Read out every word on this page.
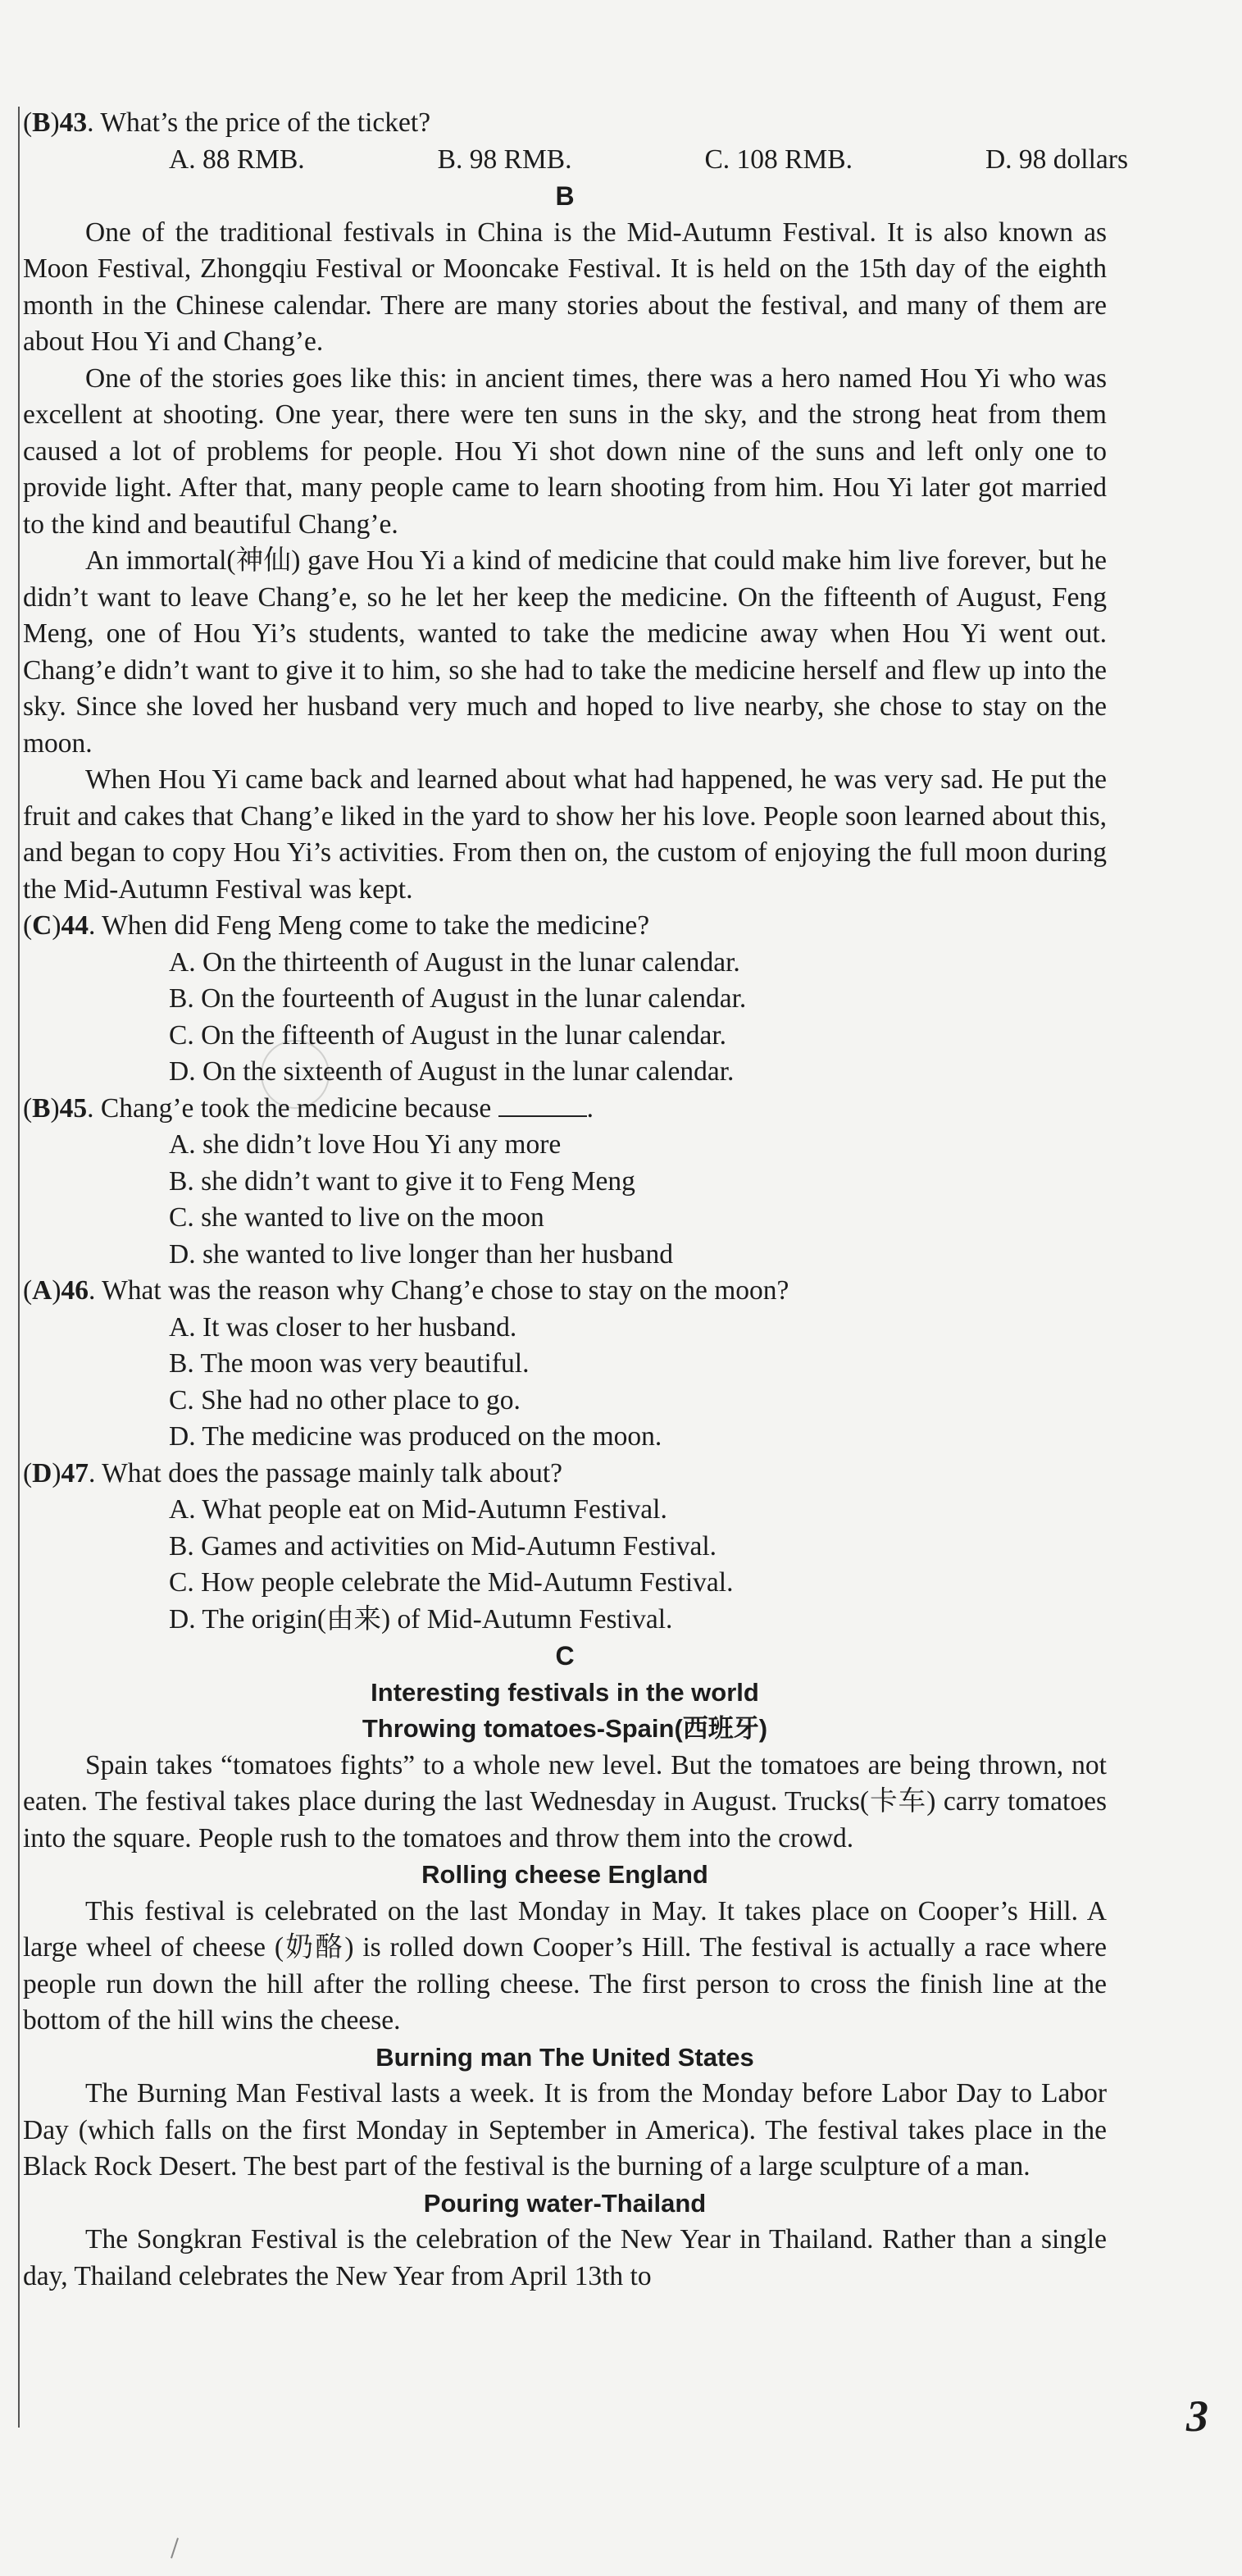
(B)43. What’s the price of the ticket?

A. 88 RMB.	B. 98 RMB.	C. 108 RMB.	D. 98 dollars

B

One of the traditional festivals in China is the Mid-Autumn Festival. It is also known as Moon Festival, Zhongqiu Festival or Mooncake Festival. It is held on the 15th day of the eighth month in the Chinese calendar. There are many stories about the festival, and many of them are about Hou Yi and Chang’e.

One of the stories goes like this: in ancient times, there was a hero named Hou Yi who was excellent at shooting. One year, there were ten suns in the sky, and the strong heat from them caused a lot of problems for people. Hou Yi shot down nine of the suns and left only one to provide light. After that, many people came to learn shooting from him. Hou Yi later got married to the kind and beautiful Chang’e.

An immortal(神仙) gave Hou Yi a kind of medicine that could make him live forever, but he didn’t want to leave Chang’e, so he let her keep the medicine. On the fifteenth of August, Feng Meng, one of Hou Yi’s students, wanted to take the medicine away when Hou Yi went out. Chang’e didn’t want to give it to him, so she had to take the medicine herself and flew up into the sky. Since she loved her husband very much and hoped to live nearby, she chose to stay on the moon.

When Hou Yi came back and learned about what had happened, he was very sad. He put the fruit and cakes that Chang’e liked in the yard to show her his love. People soon learned about this, and began to copy Hou Yi’s activities. From then on, the custom of enjoying the full moon during the Mid-Autumn Festival was kept.

(C)44. When did Feng Meng come to take the medicine?

A. On the thirteenth of August in the lunar calendar.

B. On the fourteenth of August in the lunar calendar.

C. On the fifteenth of August in the lunar calendar.

D. On the sixteenth of August in the lunar calendar.

(B)45. Chang’e took the medicine because	.

A. she didn’t love Hou Yi any more

B. she didn’t want to give it to Feng Meng

C. she wanted to live on the moon

D. she wanted to live longer than her husband

(A)46. What was the reason why Chang’e chose to stay on the moon?

A. It was closer to her husband.

B. The moon was very beautiful.

C. She had no other place to go.

D. The medicine was produced on the moon.

(D)47. What does the passage mainly talk about?

A. What people eat on Mid-Autumn Festival.

B. Games and activities on Mid-Autumn Festival.

C. How people celebrate the Mid-Autumn Festival.

D. The origin(由来) of Mid-Autumn Festival.

C

Interesting festivals in the world

Throwing tomatoes-Spain(西班牙)

Spain takes “tomatoes fights” to a whole new level. But the tomatoes are being thrown, not eaten. The festival takes place during the last Wednesday in August. Trucks(卡车) carry tomatoes into the square. People rush to the tomatoes and throw them into the crowd.

Rolling cheese England

This festival is celebrated on the last Monday in May. It takes place on Cooper’s Hill. A large wheel of cheese (奶酪) is rolled down Cooper’s Hill. The festival is actually a race where people run down the hill after the rolling cheese. The first person to cross the finish line at the bottom of the hill wins the cheese.

Burning man The United States

The Burning Man Festival lasts a week. It is from the Monday before Labor Day to Labor Day (which falls on the first Monday in September in America). The festival takes place in the Black Rock Desert. The best part of the festival is the burning of a large sculpture of a man.

Pouring water-Thailand

The Songkran Festival is the celebration of the New Year in Thailand. Rather than a single day, Thailand celebrates the New Year from April 13th to

3
